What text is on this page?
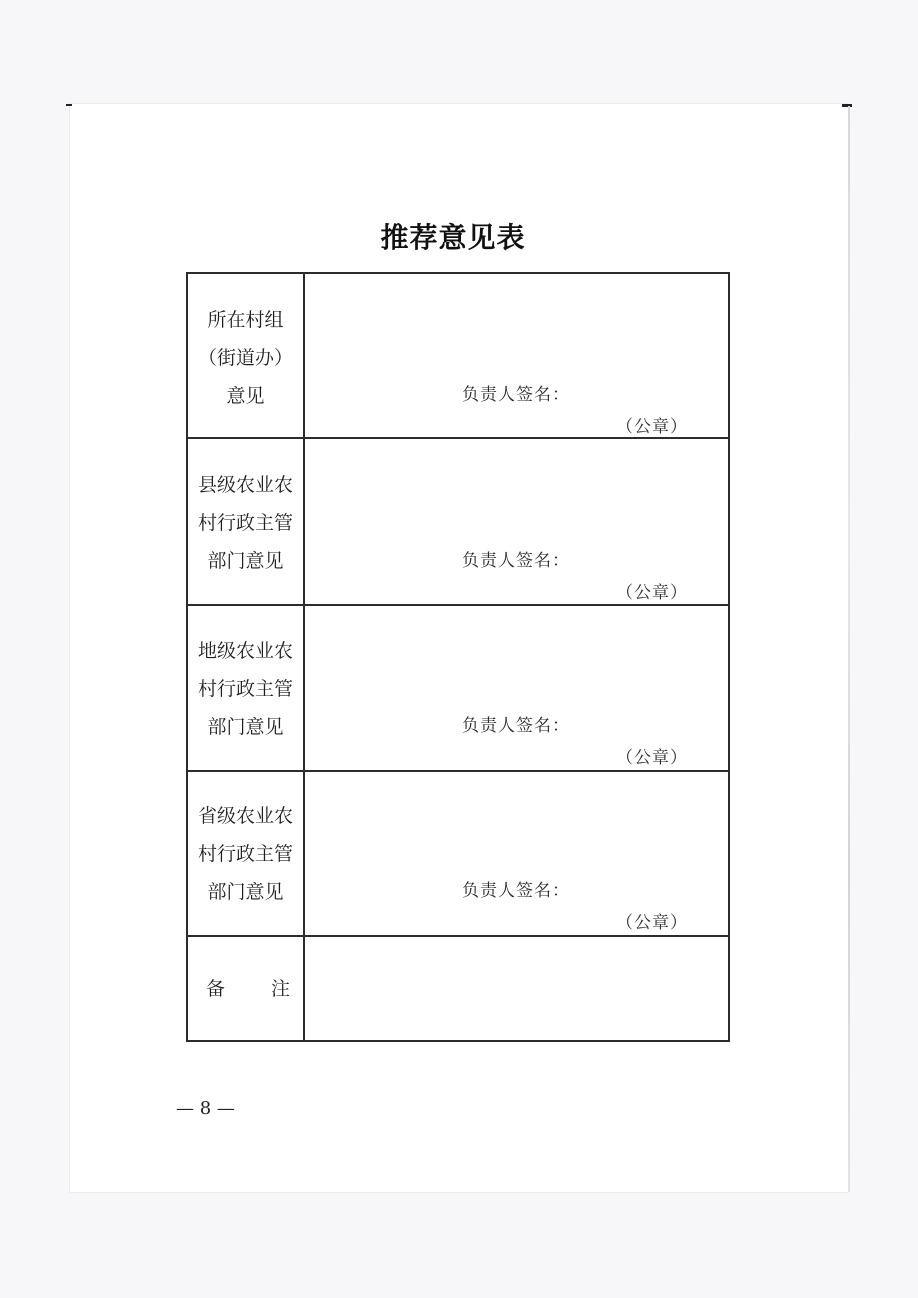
推荐意见表
所在村组
（街道办）
意见	负责人签名：
（公章）
县级农业农
村行政主管
部门意见	负责人签名：
（公章）
地级农业农
村行政主管
部门意见	负责人签名：
（公章）
省级农业农
村行政主管
部门意见	负责人签名：
（公章）
备 注
— 8 —
